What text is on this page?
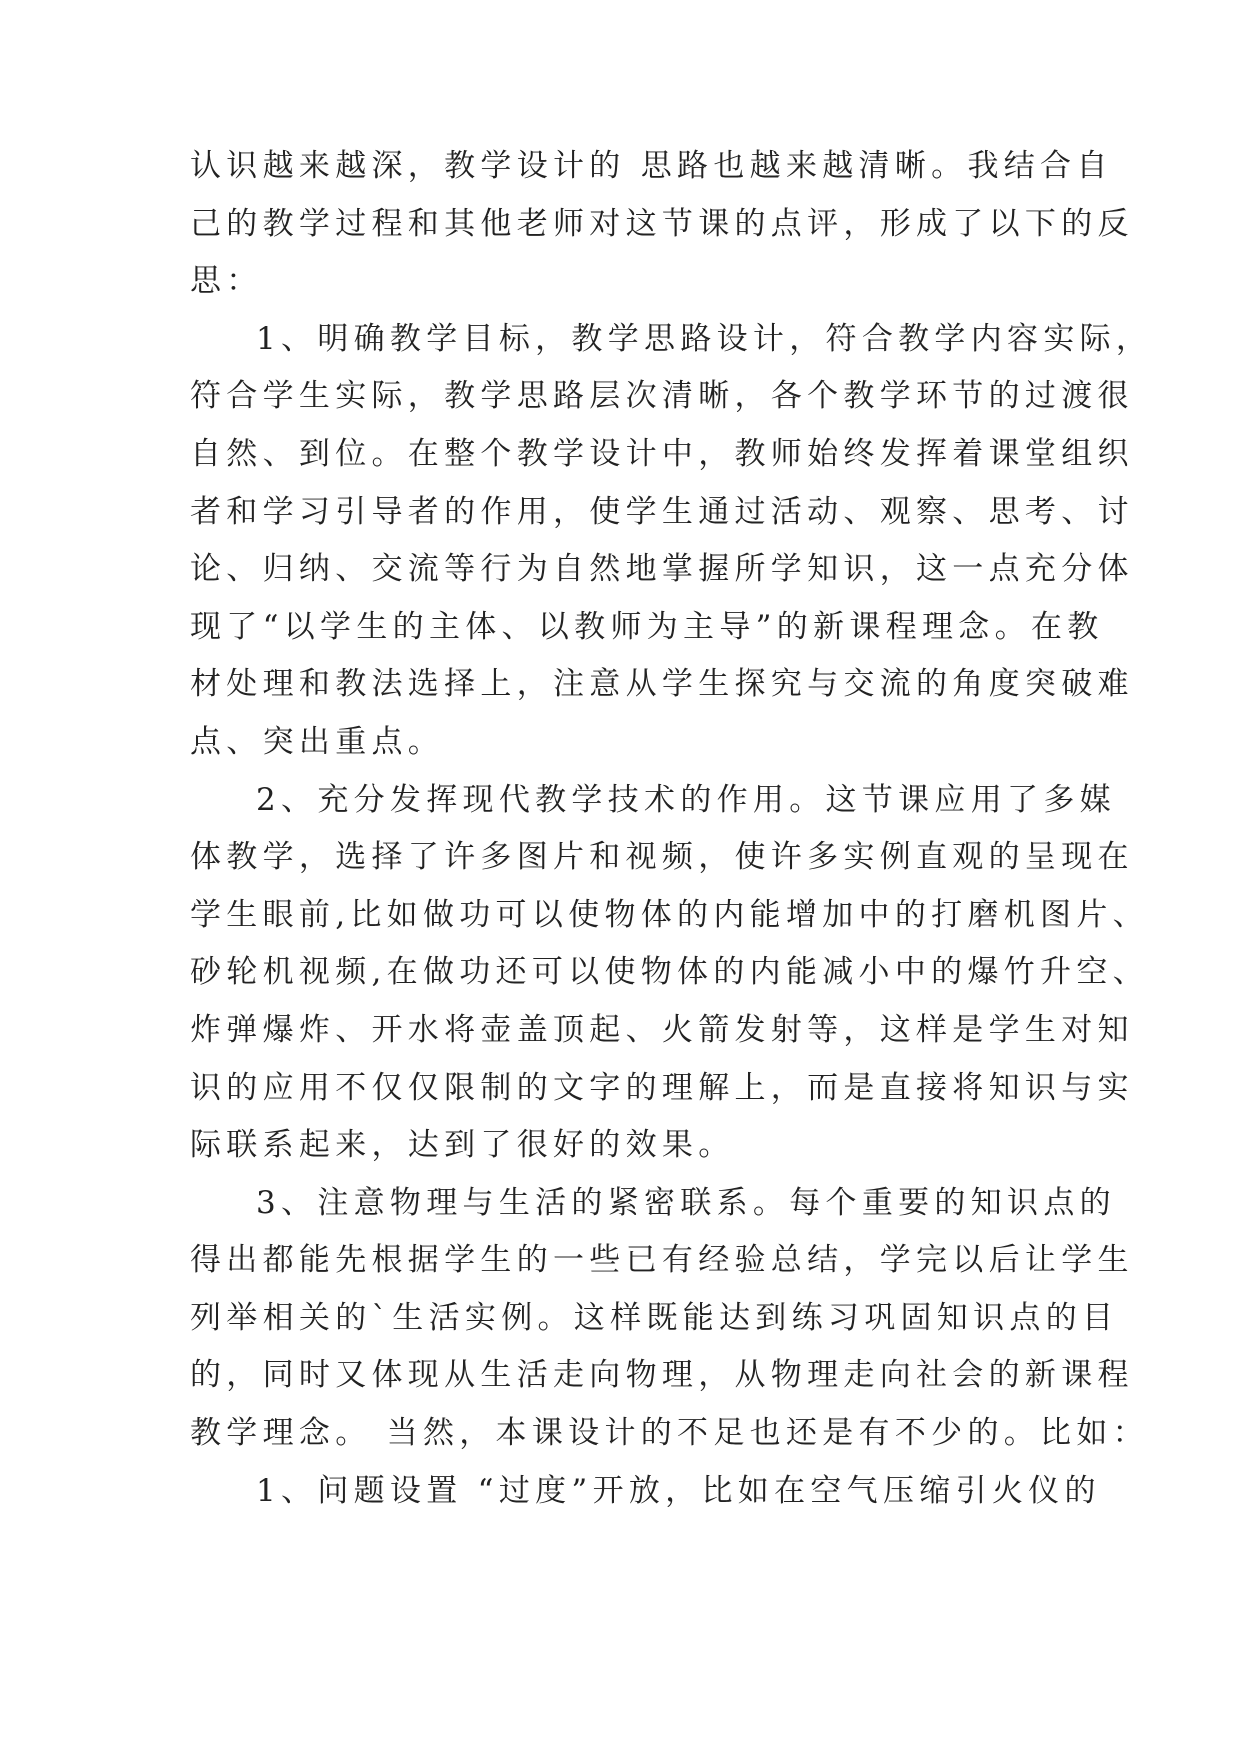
认识越来越深，教学设计的 思路也越来越清晰。我结合自
己的教学过程和其他老师对这节课的点评，形成了以下的反
思：
1、明确教学目标，教学思路设计，符合教学内容实际，
符合学生实际，教学思路层次清晰，各个教学环节的过渡很
自然、到位。在整个教学设计中，教师始终发挥着课堂组织
者和学习引导者的作用，使学生通过活动、观察、思考、讨
论、归纳、交流等行为自然地掌握所学知识，这一点充分体
现了“以学生的主体、以教师为主导”的新课程理念。在教
材处理和教法选择上，注意从学生探究与交流的角度突破难
点、突出重点。
2、充分发挥现代教学技术的作用。这节课应用了多媒
体教学，选择了许多图片和视频，使许多实例直观的呈现在
学生眼前,比如做功可以使物体的内能增加中的打磨机图片、
砂轮机视频,在做功还可以使物体的内能减小中的爆竹升空、
炸弹爆炸、开水将壶盖顶起、火箭发射等，这样是学生对知
识的应用不仅仅限制的文字的理解上，而是直接将知识与实
际联系起来，达到了很好的效果。
3、注意物理与生活的紧密联系。每个重要的知识点的
得出都能先根据学生的一些已有经验总结，学完以后让学生
列举相关的`生活实例。这样既能达到练习巩固知识点的目
的，同时又体现从生活走向物理，从物理走向社会的新课程
教学理念。 当然，本课设计的不足也还是有不少的。比如：
1、问题设置 “过度”开放，比如在空气压缩引火仪的
